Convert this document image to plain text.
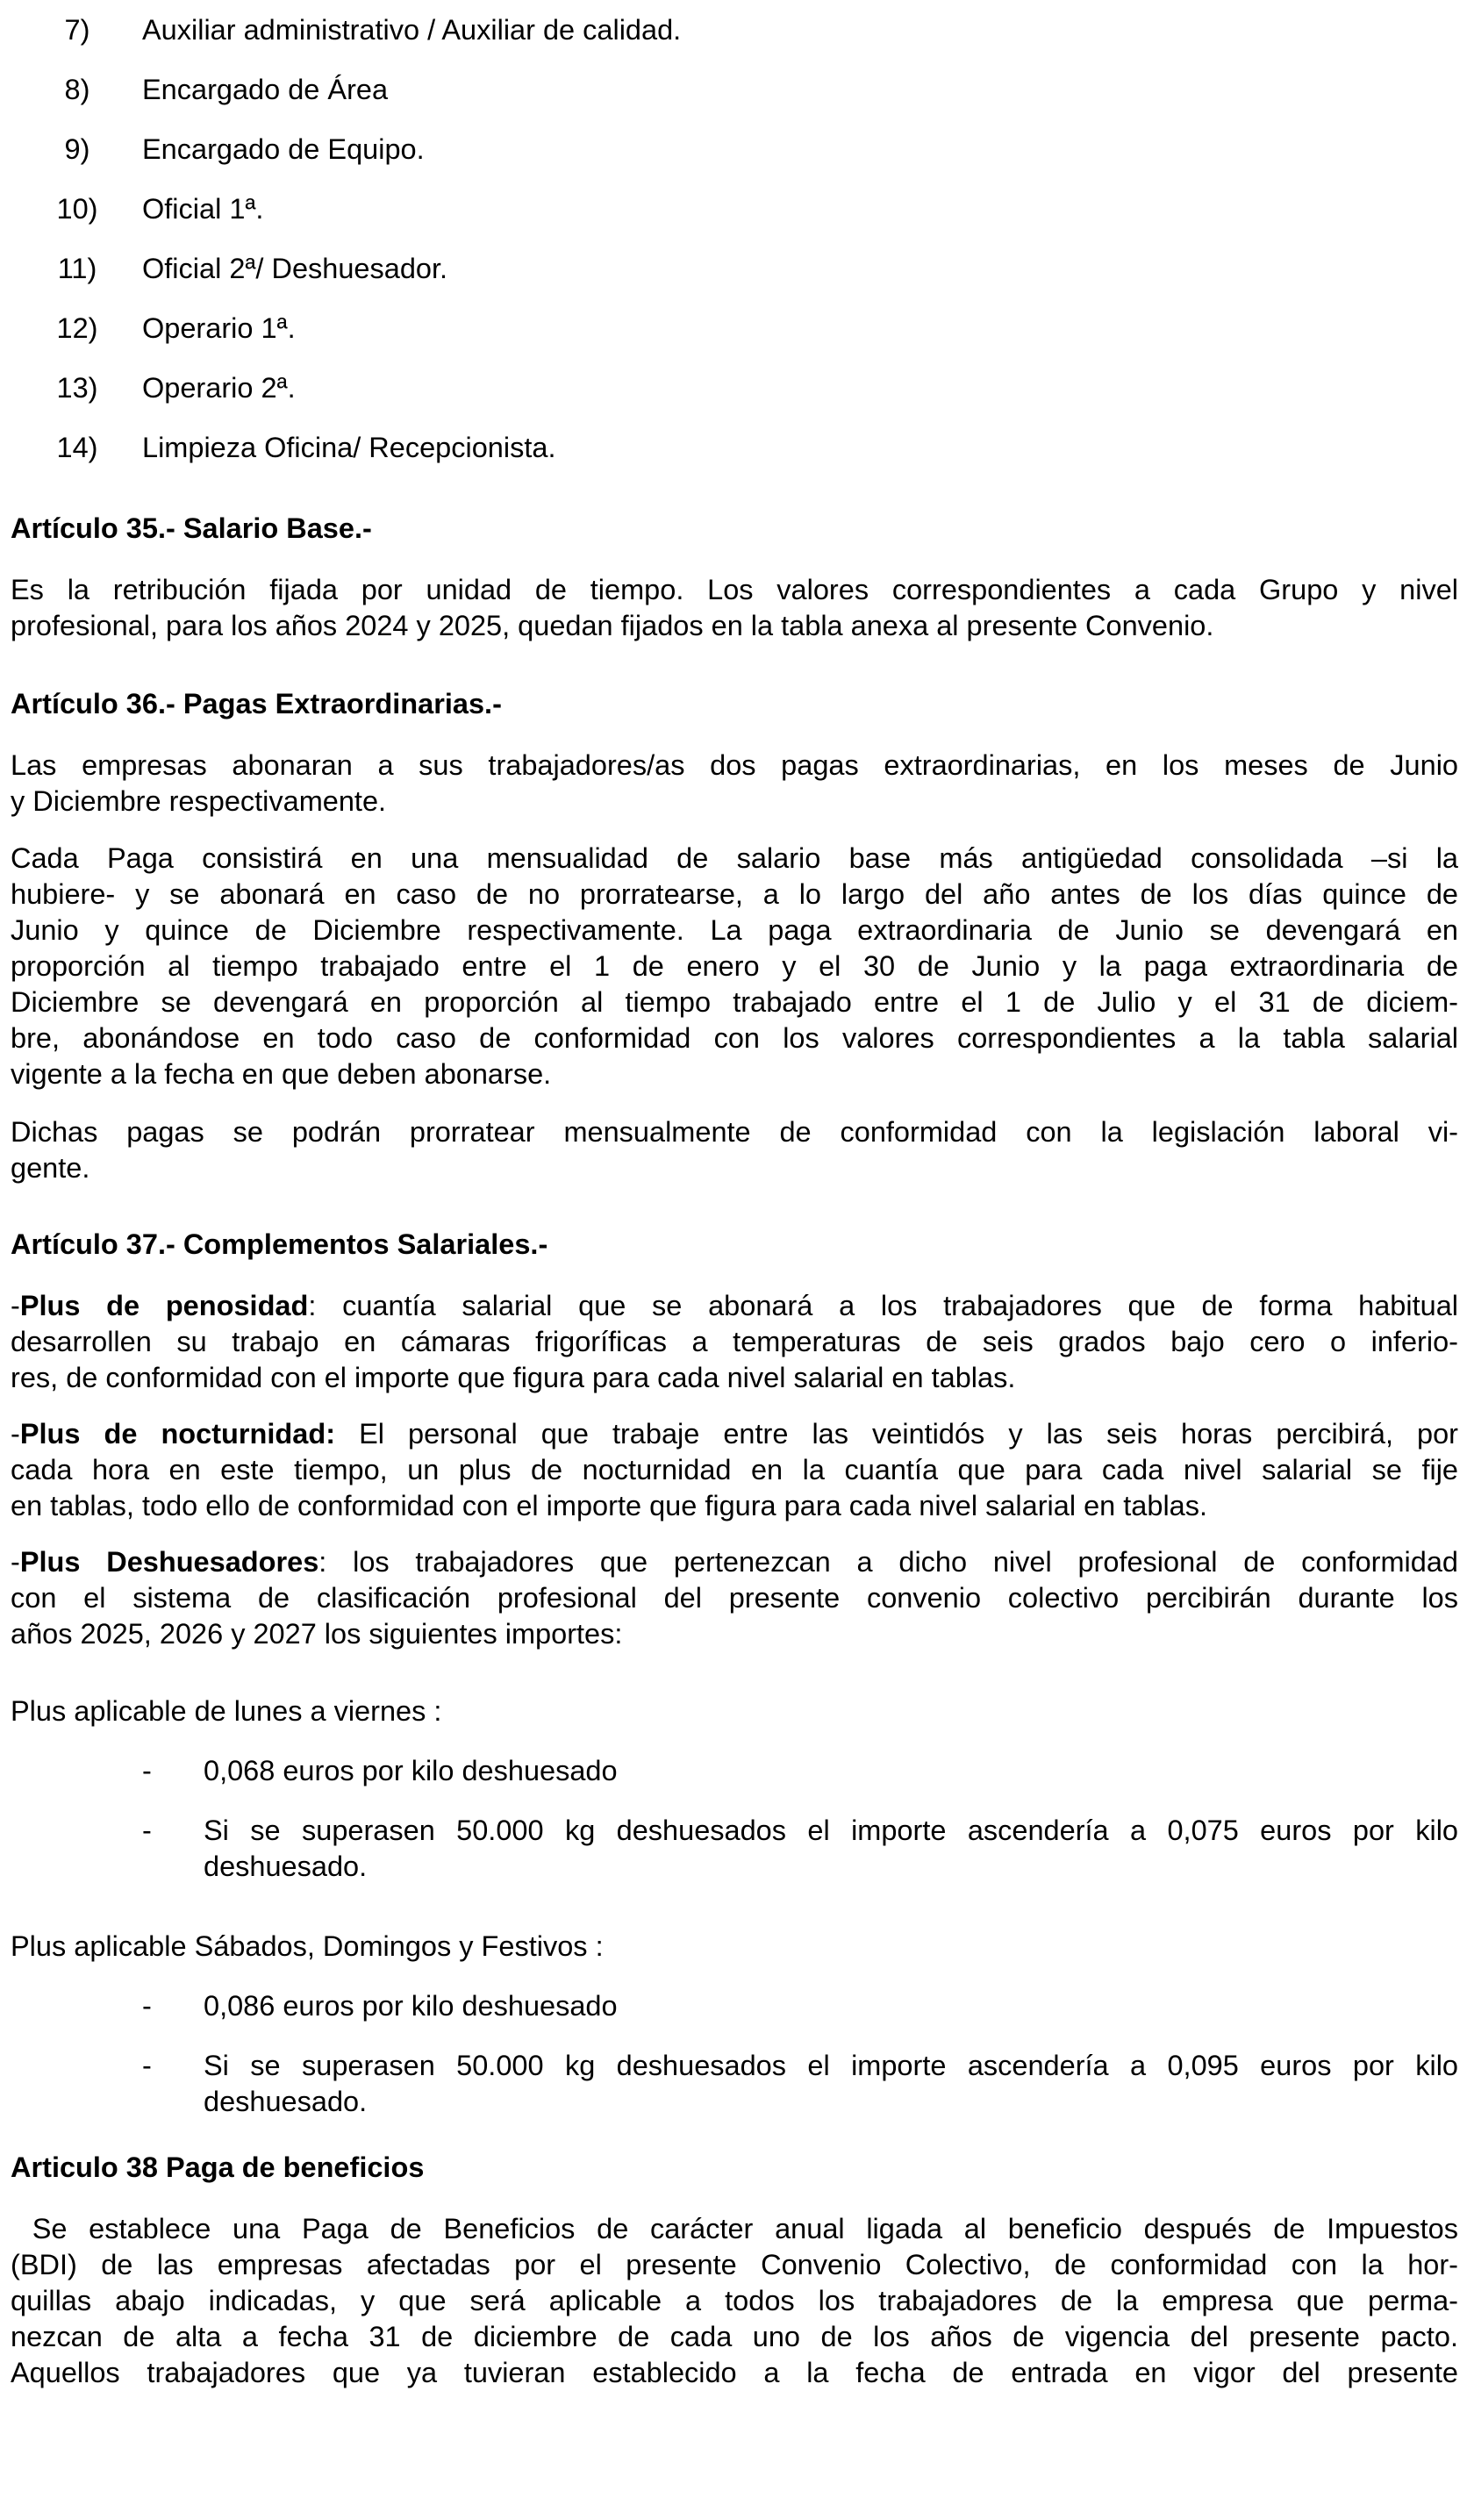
7) Auxiliar administrativo / Auxiliar de calidad.
8) Encargado de Área
9) Encargado de Equipo.
10) Oficial 1ª.
11) Oficial 2ª/ Deshuesador.
12) Operario 1ª.
13) Operario 2ª.
14) Limpieza Oficina/ Recepcionista.
Artículo 35.- Salario Base.-
Es la retribución fijada por unidad de tiempo. Los valores correspondientes a cada Grupo y nivel
profesional, para los años 2024 y 2025, quedan fijados en la tabla anexa al presente Convenio.
Artículo 36.- Pagas Extraordinarias.-
Las empresas abonaran a sus trabajadores/as dos pagas extraordinarias, en los meses de Junio
y Diciembre respectivamente.
Cada Paga consistirá en una mensualidad de salario base más antigüedad consolidada –si la
hubiere- y se abonará en caso de no prorratearse, a lo largo del año antes de los días quince de
Junio y quince de Diciembre respectivamente. La paga extraordinaria de Junio se devengará en
proporción al tiempo trabajado entre el 1 de enero y el 30 de Junio y la paga extraordinaria de
Diciembre se devengará en proporción al tiempo trabajado entre el 1 de Julio y el 31 de diciem-
bre, abonándose en todo caso de conformidad con los valores correspondientes a la tabla salarial
vigente a la fecha en que deben abonarse.
Dichas pagas se podrán prorratear mensualmente de conformidad con la legislación laboral vi-
gente.
Artículo 37.- Complementos Salariales.-
-Plus de penosidad: cuantía salarial que se abonará a los trabajadores que de forma habitual
desarrollen su trabajo en cámaras frigoríficas a temperaturas de seis grados bajo cero o inferio-
res, de conformidad con el importe que figura para cada nivel salarial en tablas.
-Plus de nocturnidad: El personal que trabaje entre las veintidós y las seis horas percibirá, por
cada hora en este tiempo, un plus de nocturnidad en la cuantía que para cada nivel salarial se fije
en tablas, todo ello de conformidad con el importe que figura para cada nivel salarial en tablas.
-Plus Deshuesadores: los trabajadores que pertenezcan a dicho nivel profesional de conformidad
con el sistema de clasificación profesional del presente convenio colectivo percibirán durante los
años 2025, 2026 y 2027 los siguientes importes:
Plus aplicable de lunes a viernes :
- 0,068 euros por kilo deshuesado
- Si se superasen 50.000 kg deshuesados el importe ascendería a 0,075 euros por kilo
deshuesado.
Plus aplicable Sábados, Domingos y Festivos :
- 0,086 euros por kilo deshuesado
- Si se superasen 50.000 kg deshuesados el importe ascendería a 0,095 euros por kilo
deshuesado.
Articulo 38 Paga de beneficios
Se establece una Paga de Beneficios de carácter anual ligada al beneficio después de Impuestos
(BDI) de las empresas afectadas por el presente Convenio Colectivo, de conformidad con la hor-
quillas abajo indicadas, y que será aplicable a todos los trabajadores de la empresa que perma-
nezcan de alta a fecha 31 de diciembre de cada uno de los años de vigencia del presente pacto.
Aquellos trabajadores que ya tuvieran establecido a la fecha de entrada en vigor del presente
